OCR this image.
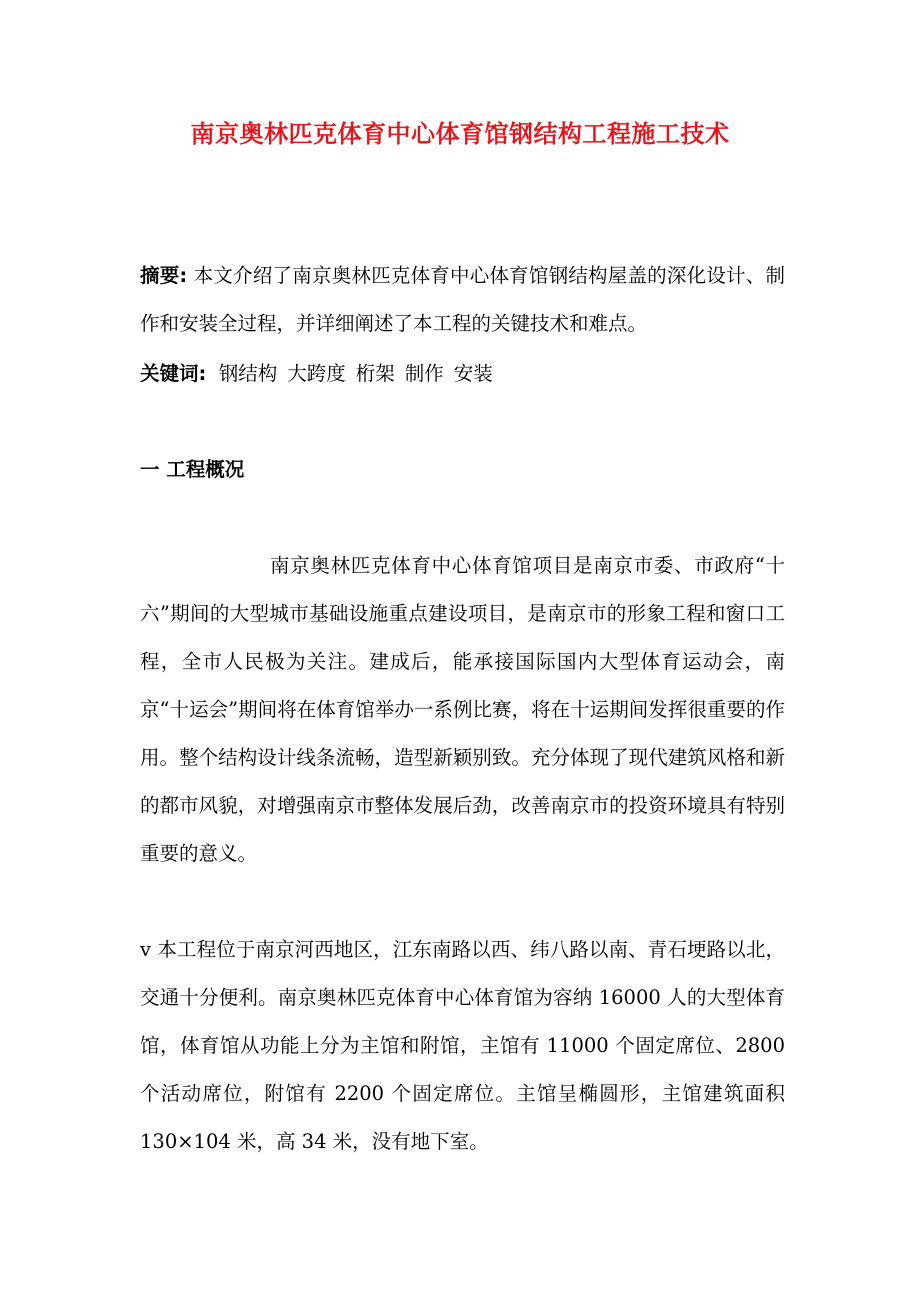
南京奥林匹克体育中心体育馆钢结构工程施工技术
摘要: 本文介绍了南京奥林匹克体育中心体育馆钢结构屋盖的深化设计、制作和安装全过程，并详细阐述了本工程的关键技术和难点。
关键词: 钢结构 大跨度 桁架 制作 安装
一 工程概况
南京奥林匹克体育中心体育馆项目是南京市委、市政府“十六”期间的大型城市基础设施重点建设项目，是南京市的形象工程和窗口工程，全市人民极为关注。建成后，能承接国际国内大型体育运动会，南京“十运会”期间将在体育馆举办一系例比赛，将在十运期间发挥很重要的作用。整个结构设计线条流畅，造型新颖别致。充分体现了现代建筑风格和新的都市风貌，对增强南京市整体发展后劲，改善南京市的投资环境具有特别重要的意义。
v 本工程位于南京河西地区，江东南路以西、纬八路以南、青石埂路以北，交通十分便利。南京奥林匹克体育中心体育馆为容纳 16000 人的大型体育馆，体育馆从功能上分为主馆和附馆，主馆有 11000 个固定席位、2800 个活动席位，附馆有 2200 个固定席位。主馆呈椭圆形，主馆建筑面积 130×104 米，高 34 米，没有地下室。
